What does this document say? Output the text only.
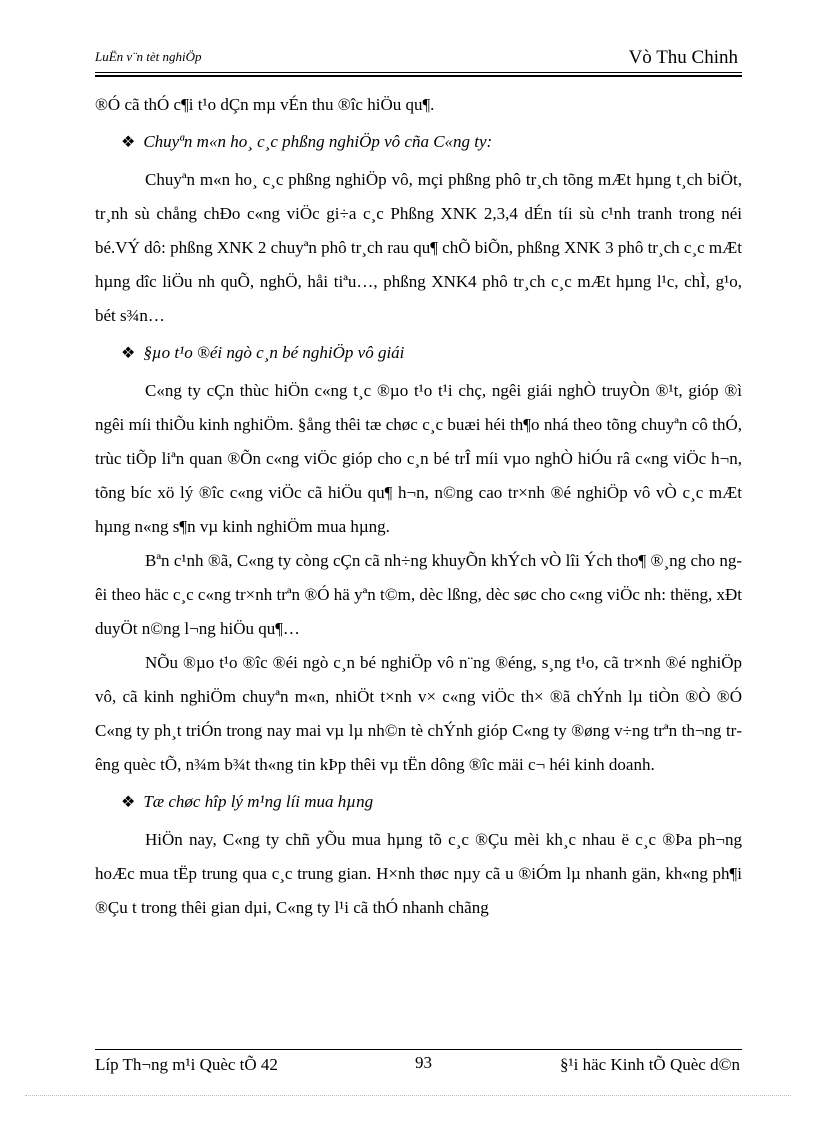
LuËn v¨n tèt nghiÖp	Vò Thu Chinh

®Ó cã thÓ c¶i t¹o dÇn mµ vÉn thu ®îc hiÖu qu¶.

❖ Chuyªn m«n ho¸ c¸c phßng nghiÖp vô cña C«ng ty:

Chuyªn m«n ho¸ c¸c phßng nghiÖp vô, mçi phßng phô tr¸ch tõng mÆt hµng t¸ch biÖt, tr¸nh sù chång chÐo c«ng viÖc gi÷a c¸c Phßng XNK 2,3,4 dÉn tíi sù c¹nh tranh trong néi bé.VÝ dô: phßng XNK 2 chuyªn phô tr¸ch rau qu¶ chÕ biÕn, phßng XNK 3 phô tr¸ch c¸c mÆt hµng dîc liÖu nh quÕ, nghÖ, håi tiªu…, phßng XNK4 phô tr¸ch c¸c mÆt hµng l¹c, chÌ, g¹o, bét s¾n…

❖ §µo t¹o ®éi ngò c¸n bé nghiÖp vô giái

C«ng ty cÇn thùc hiÖn c«ng t¸c ®µo t¹o t¹i chç, ngêi giái nghÒ truyÒn ®¹t, gióp ®ì ngêi míi thiÕu kinh nghiÖm. §ång thêi tæ chøc c¸c buæi héi th¶o nhá theo tõng chuyªn cô thÓ, trùc tiÕp liªn quan ®Õn c«ng viÖc gióp cho c¸n bé trÎ míi vµo nghÒ hiÓu râ c«ng viÖc h¬n, tõng bíc xö lý ®îc c«ng viÖc cã hiÖu qu¶ h¬n, n©ng cao tr×nh ®é nghiÖp vô vÒ c¸c mÆt hµng n«ng s¶n vµ kinh nghiÖm mua hµng.

Bªn c¹nh ®ã, C«ng ty còng cÇn cã nh÷ng khuyÕn khÝch vÒ lîi Ých tho¶ ®¸ng cho ngêi theo häc c¸c c«ng tr×nh trªn ®Ó hä yªn t©m, dèc lßng, dèc søc cho c«ng viÖc nh: thëng, xÐt duyÖt n©ng l¬ng hiÖu qu¶…

NÕu ®µo t¹o ®îc ®éi ngò c¸n bé nghiÖp vô n¨ng ®éng, s¸ng t¹o, cã tr×nh ®é nghiÖp vô, cã kinh nghiÖm chuyªn m«n, nhiÖt t×nh v× c«ng viÖc th× ®ã chÝnh lµ tiÒn ®Ò ®Ó C«ng ty ph¸t triÓn trong nay mai vµ lµ nh©n tè chÝnh gióp C«ng ty ®øng v÷ng trªn th¬ng trêng quèc tÕ, n¾m b¾t th«ng tin kÞp thêi vµ tËn dông ®îc mäi c¬ héi kinh doanh.

❖ Tæ chøc hîp lý m¹ng líi mua hµng

HiÖn nay, C«ng ty chñ yÕu mua hµng tõ c¸c ®Çu mèi kh¸c nhau ë c¸c ®Þa ph¬ng hoÆc mua tËp trung qua c¸c trung gian. H×nh thøc nµy cã u ®iÓm lµ nhanh gän, kh«ng ph¶i ®Çu t trong thêi gian dµi, C«ng ty l¹i cã thÓ nhanh chãng

Líp Th¬ng m¹i Quèc tÕ 42	93	§¹i häc Kinh tÕ Quèc d©n
